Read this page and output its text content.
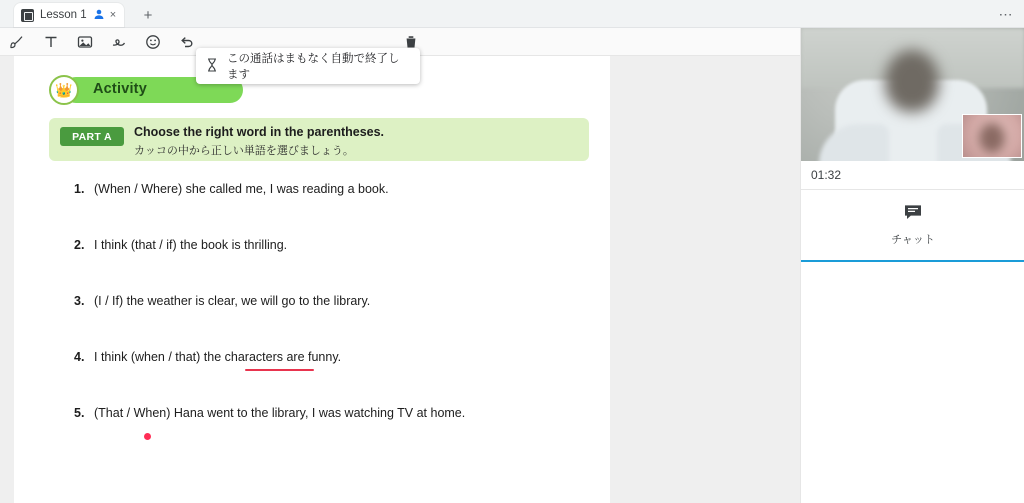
Lesson 1 ×	+	⋯
Activity
👑
PART A	Choose the right word in the parentheses.
カッコの中から正しい単語を選びましょう。
1. (When / Where) she called me, I was reading a book.
2. I think (that / if) the book is thrilling.
3. (I / If) the weather is clear, we will go to the library.
4. I think (when / that) the characters are funny.
5. (That / When) Hana went to the library, I was watching TV at home.
この通話はまもなく自動で終了します
01:32
チャット
